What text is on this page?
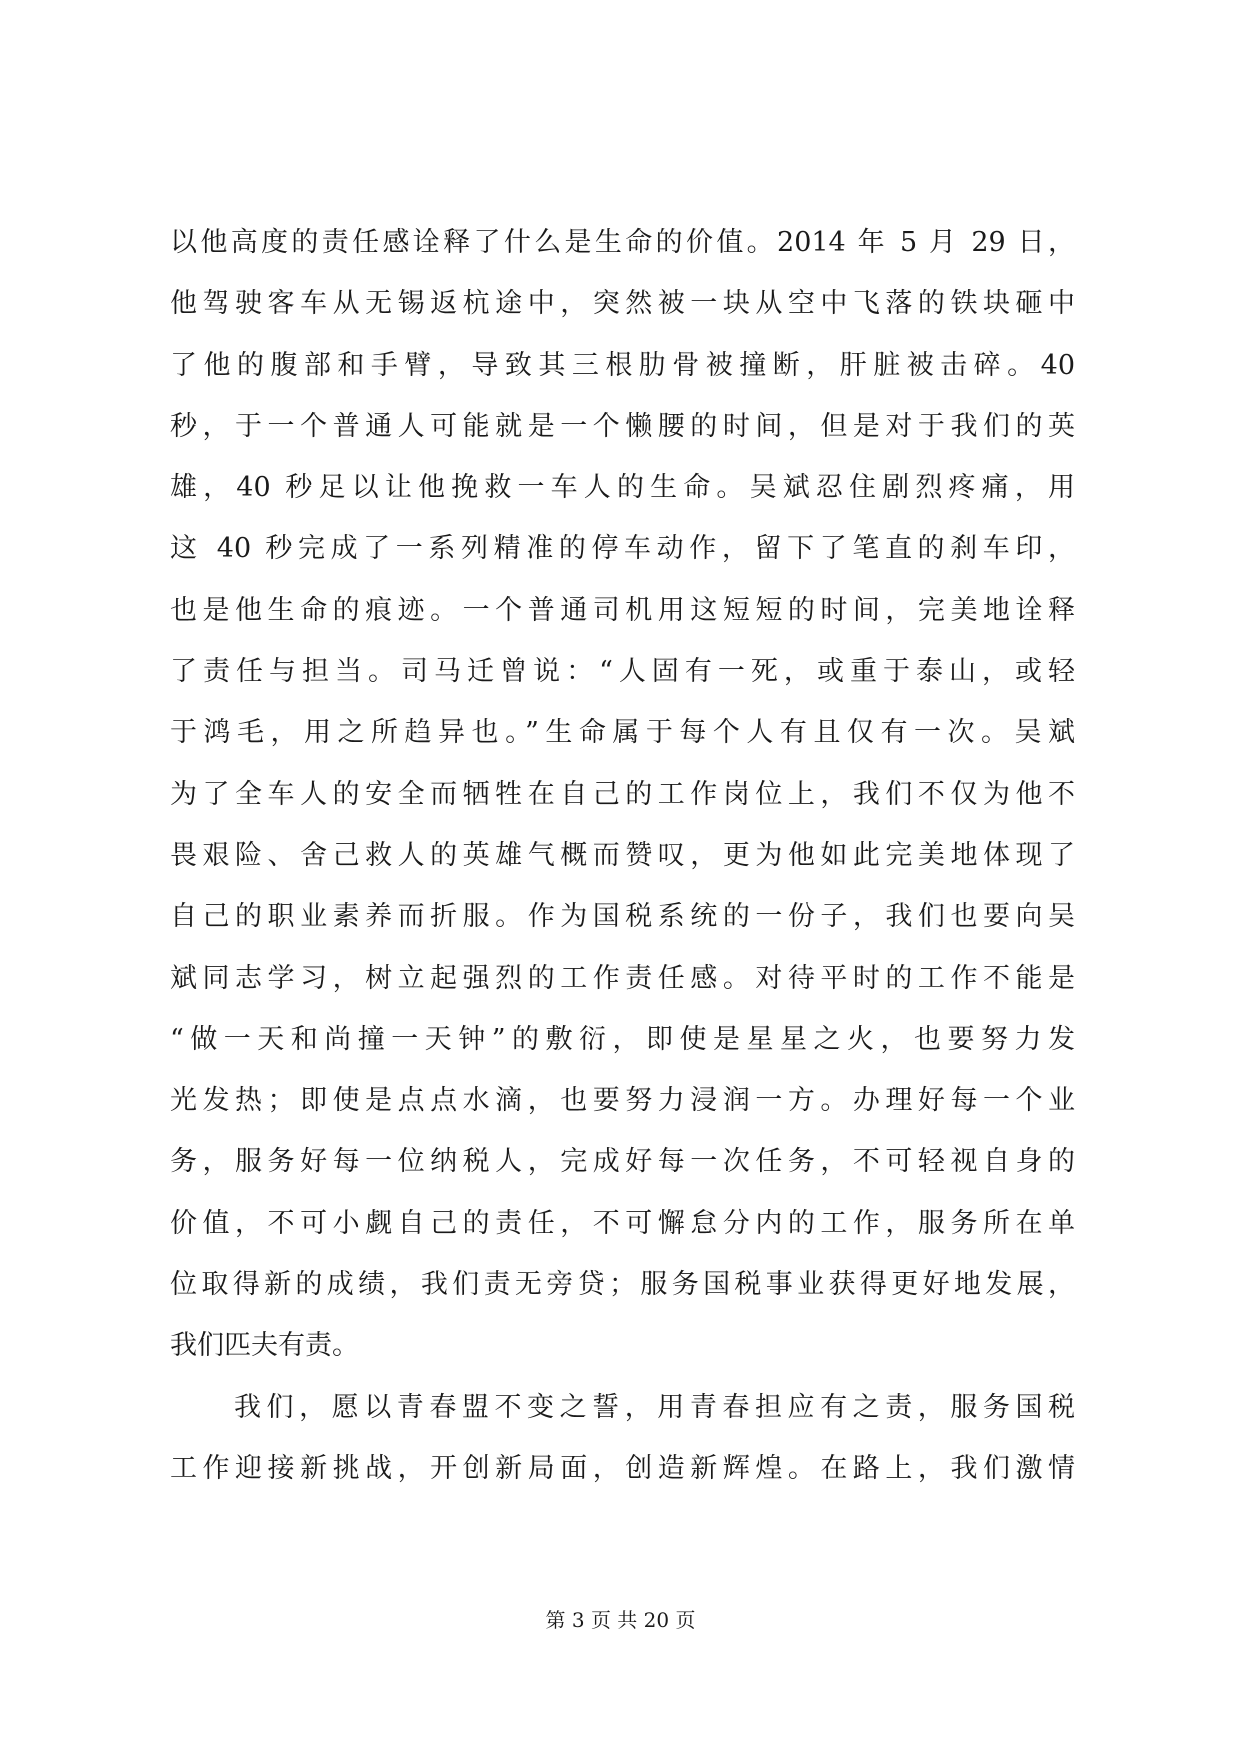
以他高度的责任感诠释了什么是生命的价值。2014 年 5 月 29 日，
他驾驶客车从无锡返杭途中，突然被一块从空中飞落的铁块砸中
了他的腹部和手臂，导致其三根肋骨被撞断，肝脏被击碎。40
秒，于一个普通人可能就是一个懒腰的时间，但是对于我们的英
雄，40 秒足以让他挽救一车人的生命。吴斌忍住剧烈疼痛，用
这 40 秒完成了一系列精准的停车动作，留下了笔直的刹车印，
也是他生命的痕迹。一个普通司机用这短短的时间，完美地诠释
了责任与担当。司马迁曾说：“人固有一死，或重于泰山，或轻
于鸿毛，用之所趋异也。”生命属于每个人有且仅有一次。吴斌
为了全车人的安全而牺牲在自己的工作岗位上，我们不仅为他不
畏艰险、舍己救人的英雄气概而赞叹，更为他如此完美地体现了
自己的职业素养而折服。作为国税系统的一份子，我们也要向吴
斌同志学习，树立起强烈的工作责任感。对待平时的工作不能是
“做一天和尚撞一天钟”的敷衍，即使是星星之火，也要努力发
光发热；即使是点点水滴，也要努力浸润一方。办理好每一个业
务，服务好每一位纳税人，完成好每一次任务，不可轻视自身的
价值，不可小觑自己的责任，不可懈怠分内的工作，服务所在单
位取得新的成绩，我们责无旁贷；服务国税事业获得更好地发展，
我们匹夫有责。
我们，愿以青春盟不变之誓，用青春担应有之责，服务国税
工作迎接新挑战，开创新局面，创造新辉煌。在路上，我们激情
第 3 页 共 20 页
